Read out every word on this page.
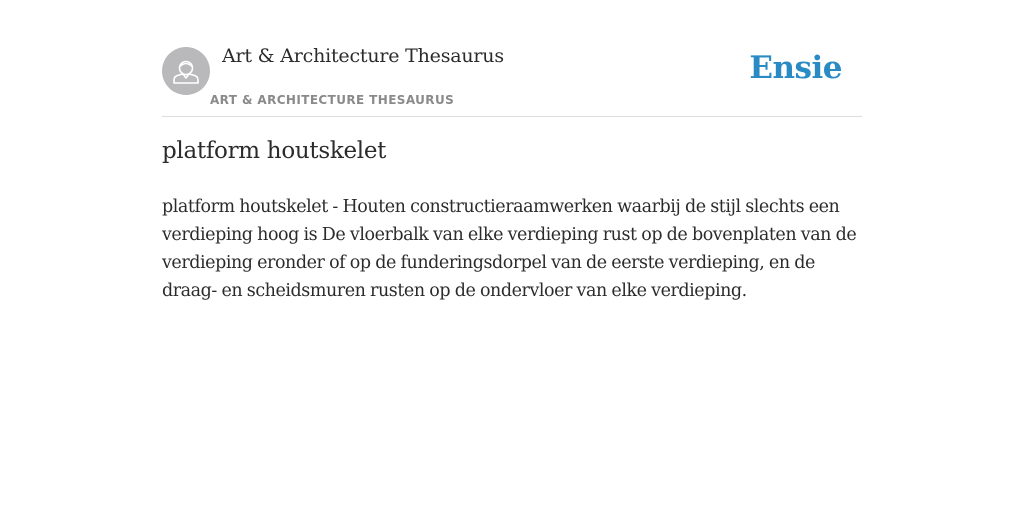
Art & Architecture Thesaurus
ART & ARCHITECTURE THESAURUS
Ensie
platform houtskelet

platform houtskelet - Houten constructieraamwerken waarbij de stijl slechts een verdieping hoog is De vloerbalk van elke verdieping rust op de bovenplaten van de verdieping eronder of op de funderingsdorpel van de eerste verdieping, en de draag- en scheidsmuren rusten op de ondervloer van elke verdieping.
